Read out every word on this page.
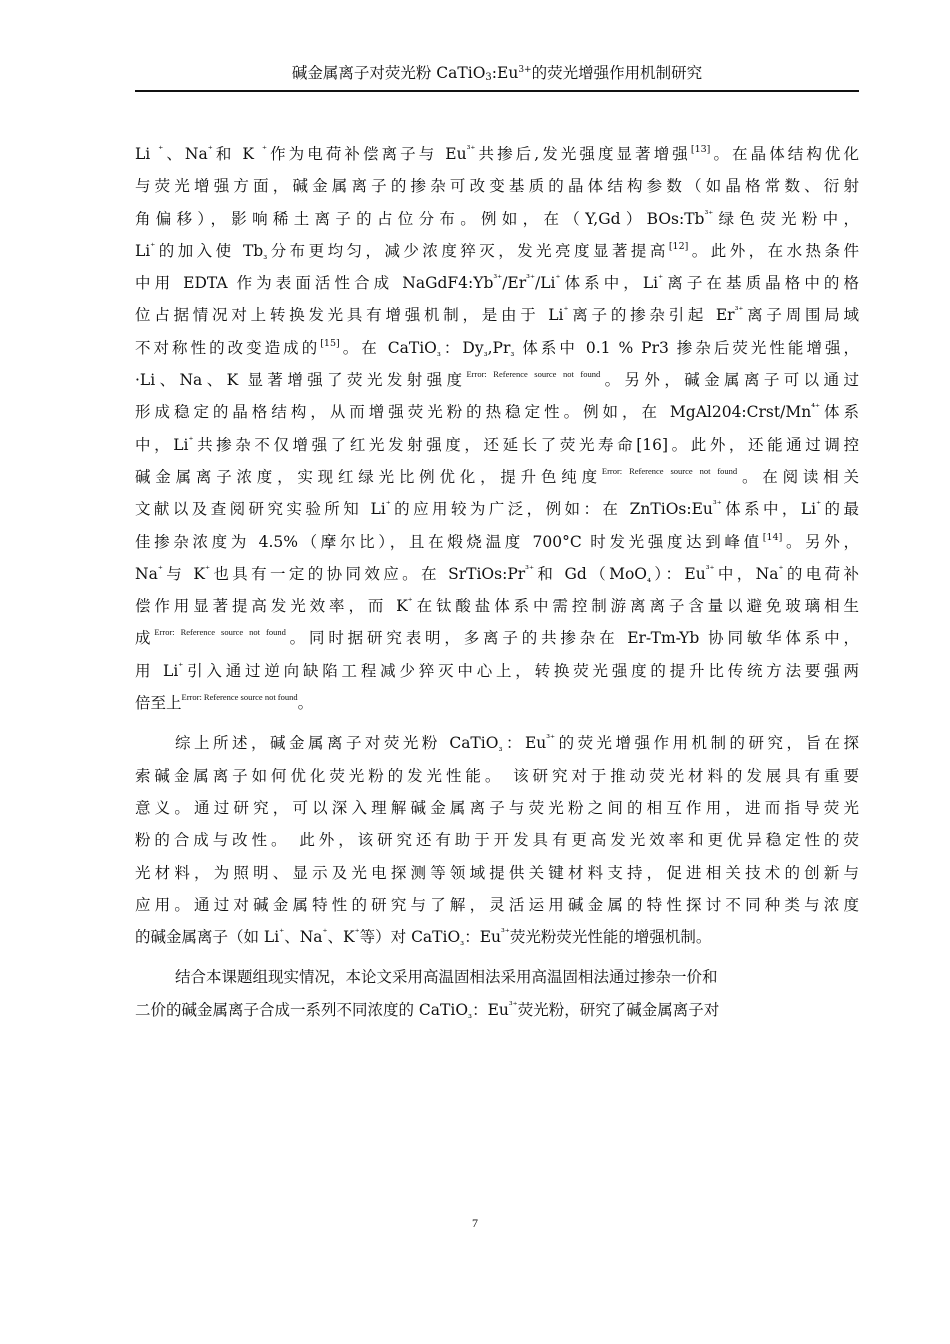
碱金属离子对荧光粉 $CaTiO_3:Eu^{3+}$的荧光增强作用机制研究
Li ⁺、Na⁺和 K ⁺作为电荷补偿离子与 $Eu^{^{3+}}$共掺后,发光强度显著增强[13]。在晶体结构优化
与荧光增强方面，碱金属离子的掺杂可改变基质的晶体结构参数（如晶格常数、衍射
角偏移），影响稀土离子的占位分布。例如，在$(Y,Gd)BOs:Tb^{^{3+}}$绿色荧光粉中，
Li⁺的加入使 $Tb_{_3}$分布更均匀，减少浓度猝灭，发光亮度显著提高[12]。此外，在水热条件
中用 EDTA 作为表面活性合成 $NaGdF4:Yb^{^{3+}}/Er^{^{3+}}/Li^{^+}$体系中，Li⁺离子在基质晶格中的格
位占据情况对上转换发光具有增强机制，是由于 Li⁺离子的掺杂引起 $Er^{^{3+}}$离子周围局域
不对称性的改变造成的[15]。在 CaTiO$_{_3}$：$Dy_{_3},Pr_{_3}$ 体系中 0.1 % Pr3 掺杂后荧光性能增强，
·Li、Na、K 显著增强了荧光发射强度$^{Error: Reference source not found}$。另外，碱金属离子可以通过
形成稳定的晶格结构，从而增强荧光粉的热稳定性。例如，在 $MgAl204:Crst/Mn^{^{4+}}$体系
中，Li⁺共掺杂不仅增强了红光发射强度，还延长了荧光寿命[16]。此外，还能通过调控
碱金属离子浓度，实现红绿光比例优化，提升色纯度$^{Error: Reference source not found}$。在阅读相关
文献以及查阅研究实验所知 Li⁺的应用较为广泛，例如：在 $ZnTiOs:Eu^{^{3+}}$体系中，Li⁺的最
佳掺杂浓度为 4.5%（摩尔比），且在煅烧温度 700°C 时发光强度达到峰值[14]。另外，
Na⁺与 K⁺也具有一定的协同效应。在 $SrTiOs:Pr^{^{3+}}$和 Gd（MoO$_{_4}$）：$Eu^{^{3+}}$中，Na⁺的电荷补
偿作用显著提高发光效率，而 K⁺在钛酸盐体系中需控制游离离子含量以避免玻璃相生
成$^{Error: Reference source not found}$。同时据研究表明，多离子的共掺杂在 Er-Tm-Yb 协同敏华体系中，
用 Li⁺引入通过逆向缺陷工程减少猝灭中心上，转换荧光强度的提升比传统方法要强两
倍至上$^{Error: Reference source not found}$。
综上所述，碱金属离子对荧光粉 CaTiO$_{_3}$：$Eu^{^{3+}}$的荧光增强作用机制的研究，旨在探
索碱金属离子如何优化荧光粉的发光性能。 该研究对于推动荧光材料的发展具有重要
意义。通过研究，可以深入理解碱金属离子与荧光粉之间的相互作用，进而指导荧光
粉的合成与改性。 此外，该研究还有助于开发具有更高发光效率和更优异稳定性的荧
光材料，为照明、显示及光电探测等领域提供关键材料支持，促进相关技术的创新与
应用。通过对碱金属特性的研究与了解，灵活运用碱金属的特性探讨不同种类与浓度
的碱金属离子（如 Li⁺、Na⁺、K⁺等）对 CaTiO$_{_3}$：$Eu^{^{3+}}$荧光粉荧光性能的增强机制。
结合本课题组现实情况，本论文采用高温固相法采用高温固相法通过掺杂一价和
二价的碱金属离子合成一系列不同浓度的 CaTiO$_{_3}$：$Eu^{^{3+}}$荧光粉，研究了碱金属离子对
7
